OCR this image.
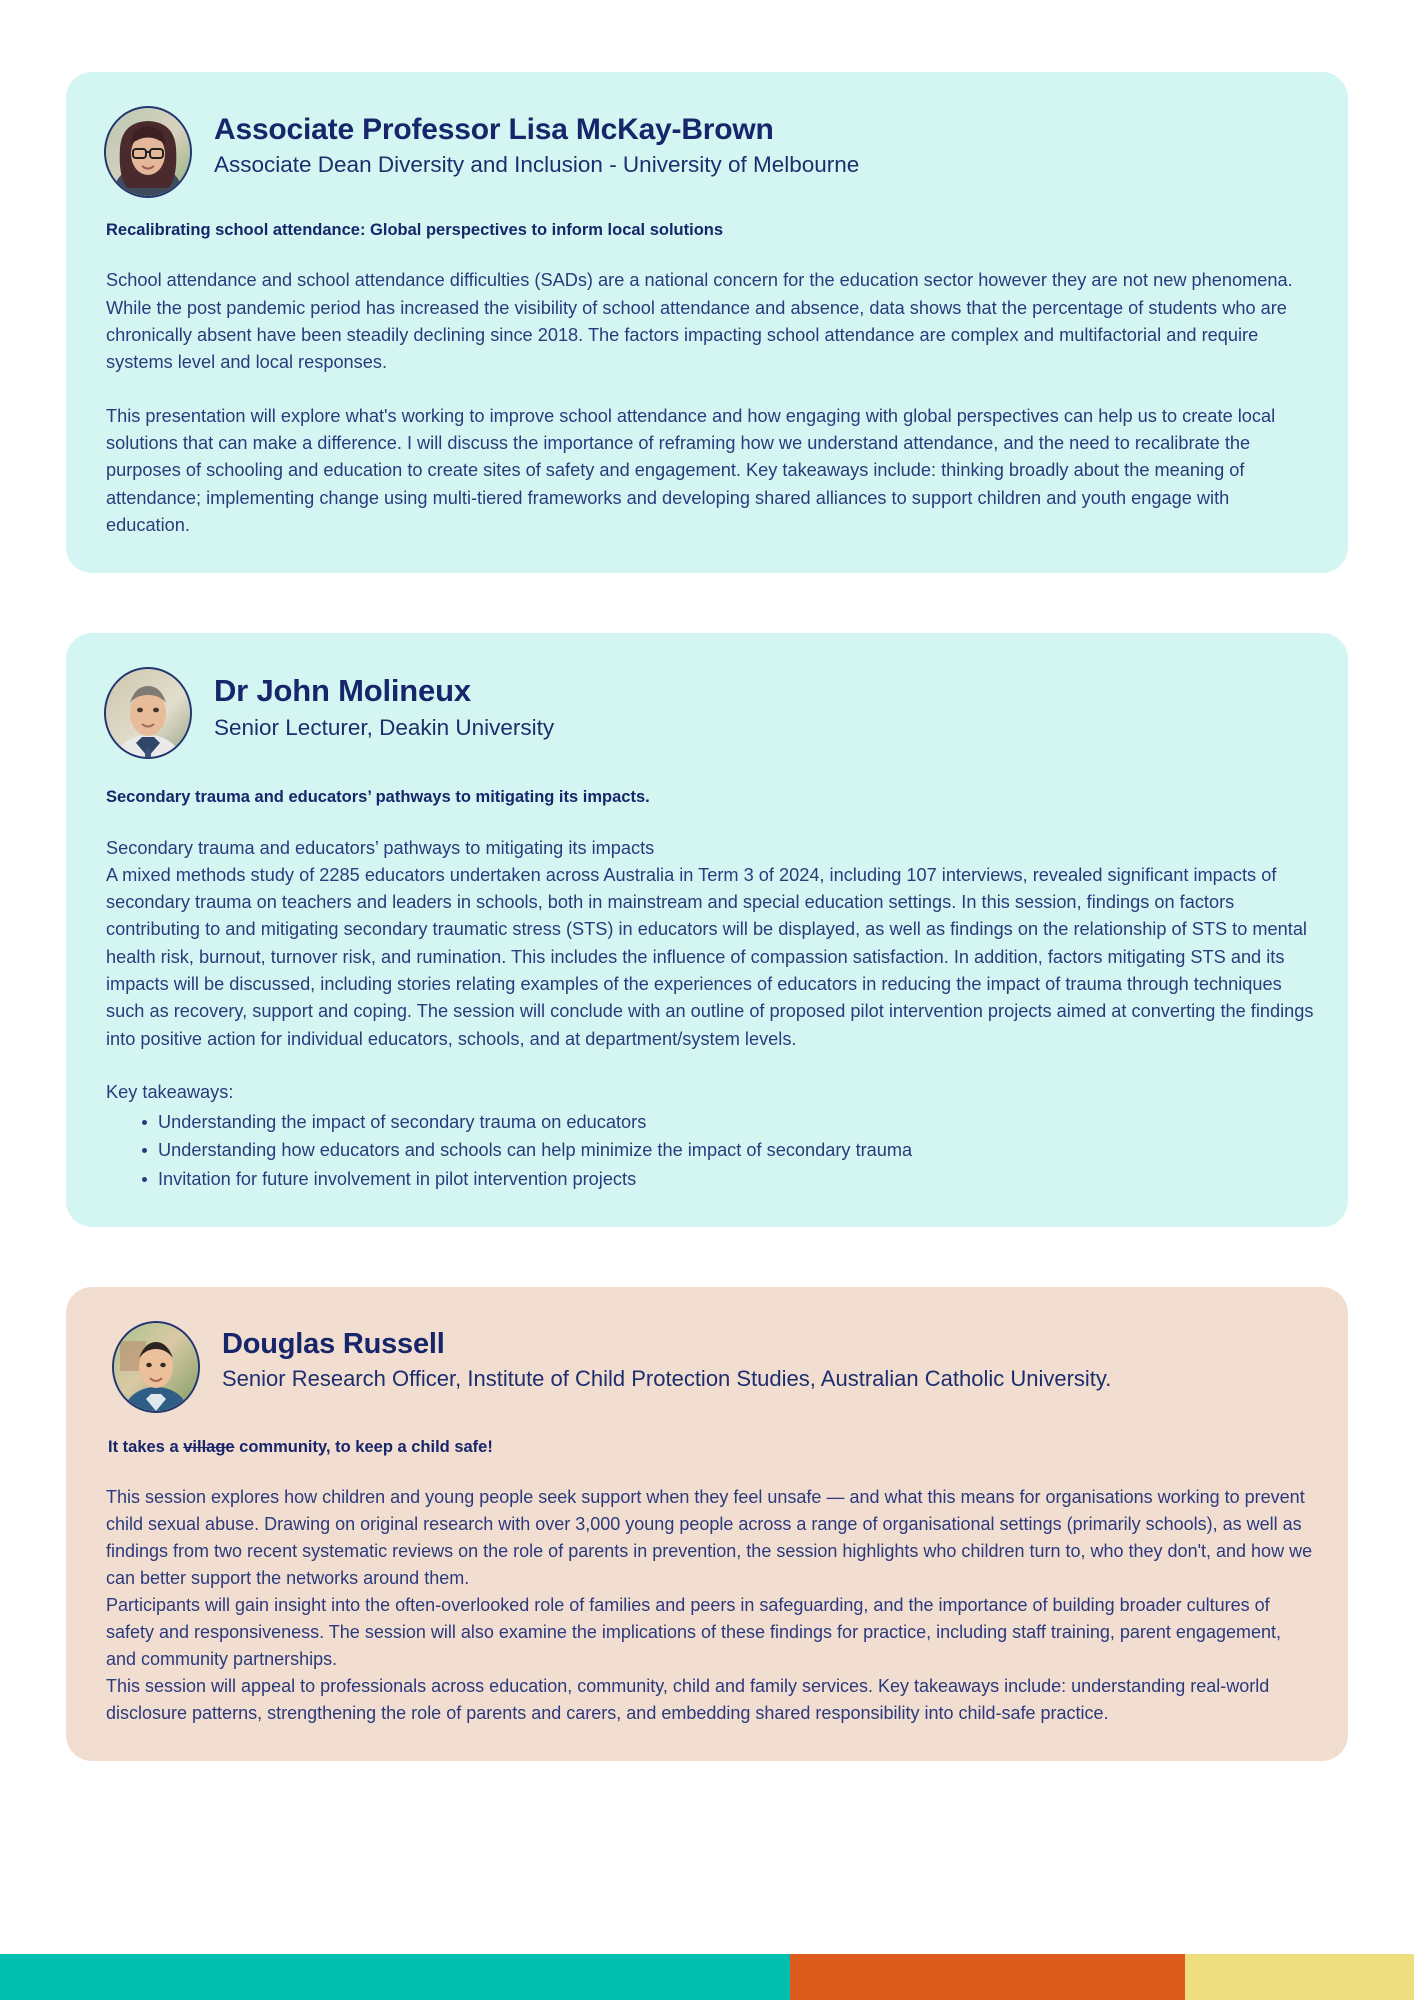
Associate Professor Lisa McKay-Brown
Associate Dean Diversity and Inclusion - University of Melbourne

Recalibrating school attendance: Global perspectives to inform local solutions

School attendance and school attendance difficulties (SADs) are a national concern for the education sector however they are not new phenomena. While the post pandemic period has increased the visibility of school attendance and absence, data shows that the percentage of students who are chronically absent have been steadily declining since 2018. The factors impacting school attendance are complex and multifactorial and require systems level and local responses.

This presentation will explore what's working to improve school attendance and how engaging with global perspectives can help us to create local solutions that can make a difference. I will discuss the importance of reframing how we understand attendance, and the need to recalibrate the purposes of schooling and education to create sites of safety and engagement. Key takeaways include: thinking broadly about the meaning of attendance; implementing change using multi-tiered frameworks and developing shared alliances to support children and youth engage with education.

Dr John Molineux
Senior Lecturer, Deakin University

Secondary trauma and educators’ pathways to mitigating its impacts.

Secondary trauma and educators’ pathways to mitigating its impacts

A mixed methods study of 2285 educators undertaken across Australia in Term 3 of 2024, including 107 interviews, revealed significant impacts of secondary trauma on teachers and leaders in schools, both in mainstream and special education settings. In this session, findings on factors contributing to and mitigating secondary traumatic stress (STS) in educators will be displayed, as well as findings on the relationship of STS to mental health risk, burnout, turnover risk, and rumination. This includes the influence of compassion satisfaction. In addition, factors mitigating STS and its impacts will be discussed, including stories relating examples of the experiences of educators in reducing the impact of trauma through techniques such as recovery, support and coping. The session will conclude with an outline of proposed pilot intervention projects aimed at converting the findings into positive action for individual educators, schools, and at department/system levels.

Key takeaways:

Understanding the impact of secondary trauma on educators
Understanding how educators and schools can help minimize the impact of secondary trauma
Invitation for future involvement in pilot intervention projects
Douglas Russell
Senior Research Officer, Institute of Child Protection Studies, Australian Catholic University.

It takes a village community, to keep a child safe!

This session explores how children and young people seek support when they feel unsafe — and what this means for organisations working to prevent child sexual abuse. Drawing on original research with over 3,000 young people across a range of organisational settings (primarily schools), as well as findings from two recent systematic reviews on the role of parents in prevention, the session highlights who children turn to, who they don't, and how we can better support the networks around them.

Participants will gain insight into the often-overlooked role of families and peers in safeguarding, and the importance of building broader cultures of safety and responsiveness. The session will also examine the implications of these findings for practice, including staff training, parent engagement, and community partnerships.

This session will appeal to professionals across education, community, child and family services. Key takeaways include: understanding real-world disclosure patterns, strengthening the role of parents and carers, and embedding shared responsibility into child-safe practice.
